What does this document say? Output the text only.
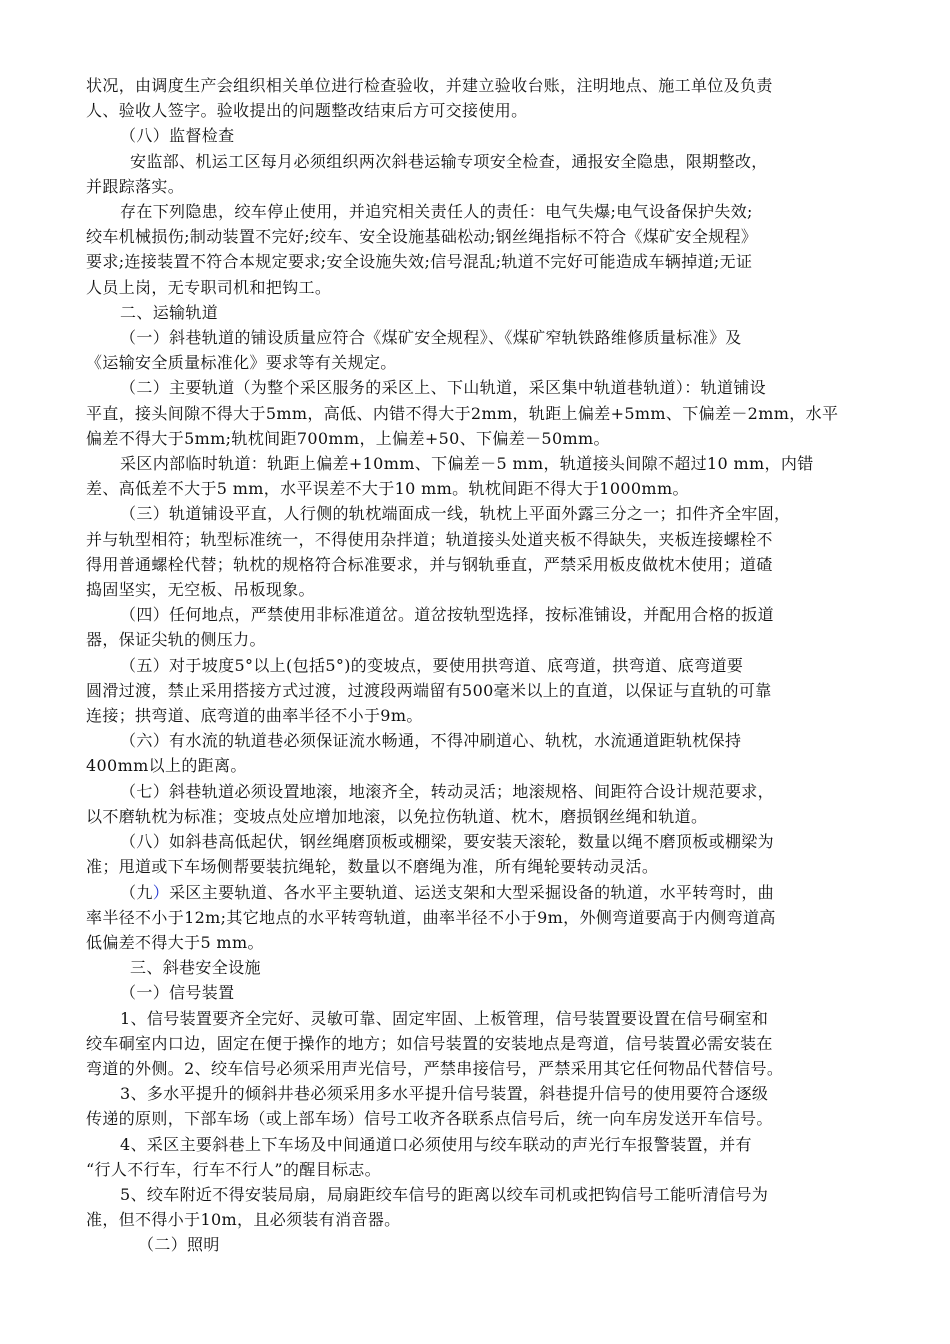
状况，由调度生产会组织相关单位进行检查验收，并建立验收台账，注明地点、施工单位及负责
人、验收人签字。验收提出的问题整改结束后方可交接使用。
（八）监督检查
安监部、机运工区每月必须组织两次斜巷运输专项安全检查，通报安全隐患，限期整改，
并跟踪落实。
存在下列隐患，绞车停止使用，并追究相关责任人的责任：电气失爆;电气设备保护失效;
绞车机械损伤;制动装置不完好;绞车、安全设施基础松动;钢丝绳指标不符合《煤矿安全规程》
要求;连接装置不符合本规定要求;安全设施失效;信号混乱;轨道不完好可能造成车辆掉道;无证
人员上岗，无专职司机和把钩工。
二、运输轨道
（一）斜巷轨道的铺设质量应符合《煤矿安全规程》、《煤矿窄轨铁路维修质量标准》及
《运输安全质量标准化》要求等有关规定。
（二）主要轨道（为整个采区服务的采区上、下山轨道，采区集中轨道巷轨道）：轨道铺设
平直，接头间隙不得大于5mm，高低、内错不得大于2mm，轨距上偏差+5mm、下偏差－2mm，水平
偏差不得大于5mm;轨枕间距700mm，上偏差+50、下偏差－50mm。
采区内部临时轨道：轨距上偏差+10mm、下偏差－5 mm，轨道接头间隙不超过10 mm，内错
差、高低差不大于5 mm，水平误差不大于10 mm。轨枕间距不得大于1000mm。
（三）轨道铺设平直，人行侧的轨枕端面成一线，轨枕上平面外露三分之一；扣件齐全牢固，
并与轨型相符；轨型标准统一，不得使用杂拌道；轨道接头处道夹板不得缺失，夹板连接螺栓不
得用普通螺栓代替；轨枕的规格符合标准要求，并与钢轨垂直，严禁采用板皮做枕木使用；道碴
捣固坚实，无空板、吊板现象。
（四）任何地点，严禁使用非标准道岔。道岔按轨型选择，按标准铺设，并配用合格的扳道
器，保证尖轨的侧压力。
（五）对于坡度5°以上(包括5°)的变坡点，要使用拱弯道、底弯道，拱弯道、底弯道要
圆滑过渡，禁止采用搭接方式过渡，过渡段两端留有500毫米以上的直道，以保证与直轨的可靠
连接；拱弯道、底弯道的曲率半径不小于9m。
（六）有水流的轨道巷必须保证流水畅通，不得冲刷道心、轨枕，水流通道距轨枕保持
400mm以上的距离。
（七）斜巷轨道必须设置地滚，地滚齐全，转动灵活；地滚规格、间距符合设计规范要求，
以不磨轨枕为标准；变坡点处应增加地滚，以免拉伤轨道、枕木，磨损钢丝绳和轨道。
（八）如斜巷高低起伏，钢丝绳磨顶板或棚梁，要安装天滚轮，数量以绳不磨顶板或棚梁为
准；甩道或下车场侧帮要装抗绳轮，数量以不磨绳为准，所有绳轮要转动灵活。
（九）采区主要轨道、各水平主要轨道、运送支架和大型采掘设备的轨道，水平转弯时，曲
率半径不小于12m;其它地点的水平转弯轨道，曲率半径不小于9m，外侧弯道要高于内侧弯道高
低偏差不得大于5 mm。
三、斜巷安全设施
（一）信号装置
1、信号装置要齐全完好、灵敏可靠、固定牢固、上板管理，信号装置要设置在信号硐室和
绞车硐室内口边，固定在便于操作的地方；如信号装置的安装地点是弯道，信号装置必需安装在
弯道的外侧。2、绞车信号必须采用声光信号，严禁串接信号，严禁采用其它任何物品代替信号。
3、多水平提升的倾斜井巷必须采用多水平提升信号装置，斜巷提升信号的使用要符合逐级
传递的原则，下部车场（或上部车场）信号工收齐各联系点信号后，统一向车房发送开车信号。
4、采区主要斜巷上下车场及中间通道口必须使用与绞车联动的声光行车报警装置，并有
“行人不行车，行车不行人”的醒目标志。
5、绞车附近不得安装局扇，局扇距绞车信号的距离以绞车司机或把钩信号工能听清信号为
准，但不得小于10m，且必须装有消音器。
（二）照明
